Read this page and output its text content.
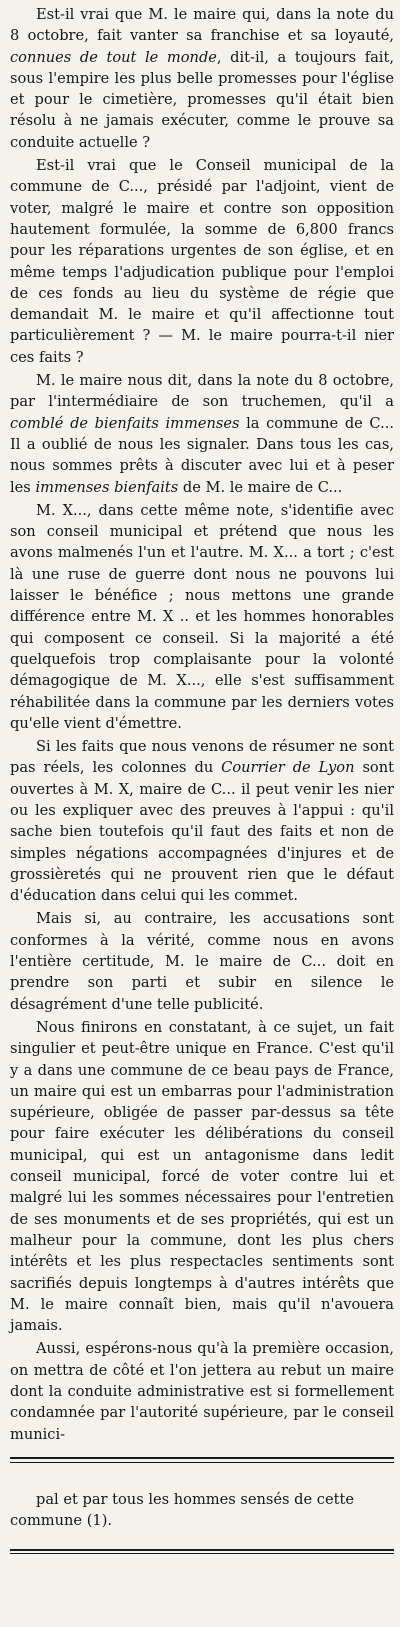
Est-il vrai que M. le maire qui, dans la note du 8 octobre, fait vanter sa franchise et sa loyauté, connues de tout le monde, dit-il, a toujours fait, sous l'empire les plus belle promesses pour l'église et pour le cimetière, promesses qu'il était bien résolu à ne jamais exécuter, comme le prouve sa conduite actuelle ?

Est-il vrai que le Conseil municipal de la commune de C..., présidé par l'adjoint, vient de voter, malgré le maire et contre son opposition hautement formulée, la somme de 6,800 francs pour les réparations urgentes de son église, et en même temps l'adjudication publique pour l'emploi de ces fonds au lieu du système de régie que demandait M. le maire et qu'il affectionne tout particulièrement ? — M. le maire pourra-t-il nier ces faits ?

M. le maire nous dit, dans la note du 8 octobre, par l'intermédiaire de son truchemen, qu'il a comblé de bienfaits immenses la commune de C... Il a oublié de nous les signaler. Dans tous les cas, nous sommes prêts à discuter avec lui et à peser les immenses bienfaits de M. le maire de C...

M. X..., dans cette même note, s'identifie avec son conseil municipal et prétend que nous les avons malmenés l'un et l'autre. M. X... a tort ; c'est là une ruse de guerre dont nous ne pouvons lui laisser le bénéfice ; nous mettons une grande différence entre M. X .. et les hommes honorables qui composent ce conseil. Si la majorité a été quelquefois trop complaisante pour la volonté démagogique de M. X..., elle s'est suffisamment réhabilitée dans la commune par les derniers votes qu'elle vient d'émettre.

Si les faits que nous venons de résumer ne sont pas réels, les colonnes du Courrier de Lyon sont ouvertes à M. X, maire de C... il peut venir les nier ou les expliquer avec des preuves à l'appui : qu'il sache bien toutefois qu'il faut des faits et non de simples négations accompagnées d'injures et de grossièretés qui ne prouvent rien que le défaut d'éducation dans celui qui les commet.

Mais si, au contraire, les accusations sont conformes à la vérité, comme nous en avons l'entière certitude, M. le maire de C... doit en prendre son parti et subir en silence le désagrément d'une telle publicité.

Nous finirons en constatant, à ce sujet, un fait singulier et peut-être unique en France. C'est qu'il y a dans une commune de ce beau pays de France, un maire qui est un embarras pour l'administration supérieure, obligée de passer par-dessus sa tête pour faire exécuter les délibérations du conseil municipal, qui est un antagonisme dans ledit conseil municipal, forcé de voter contre lui et malgré lui les sommes nécessaires pour l'entretien de ses monuments et de ses propriétés, qui est un malheur pour la commune, dont les plus chers intérêts et les plus respectacles sentiments sont sacrifiés depuis longtemps à d'autres intérêts que M. le maire connaît bien, mais qu'il n'avouera jamais.

Aussi, espérons-nous qu'à la première occasion, on mettra de côté et l'on jettera au rebut un maire dont la conduite administrative est si formellement condamnée par l'autorité supérieure, par le conseil munici-

pal et par tous les hommes sensés de cette commune (1).
